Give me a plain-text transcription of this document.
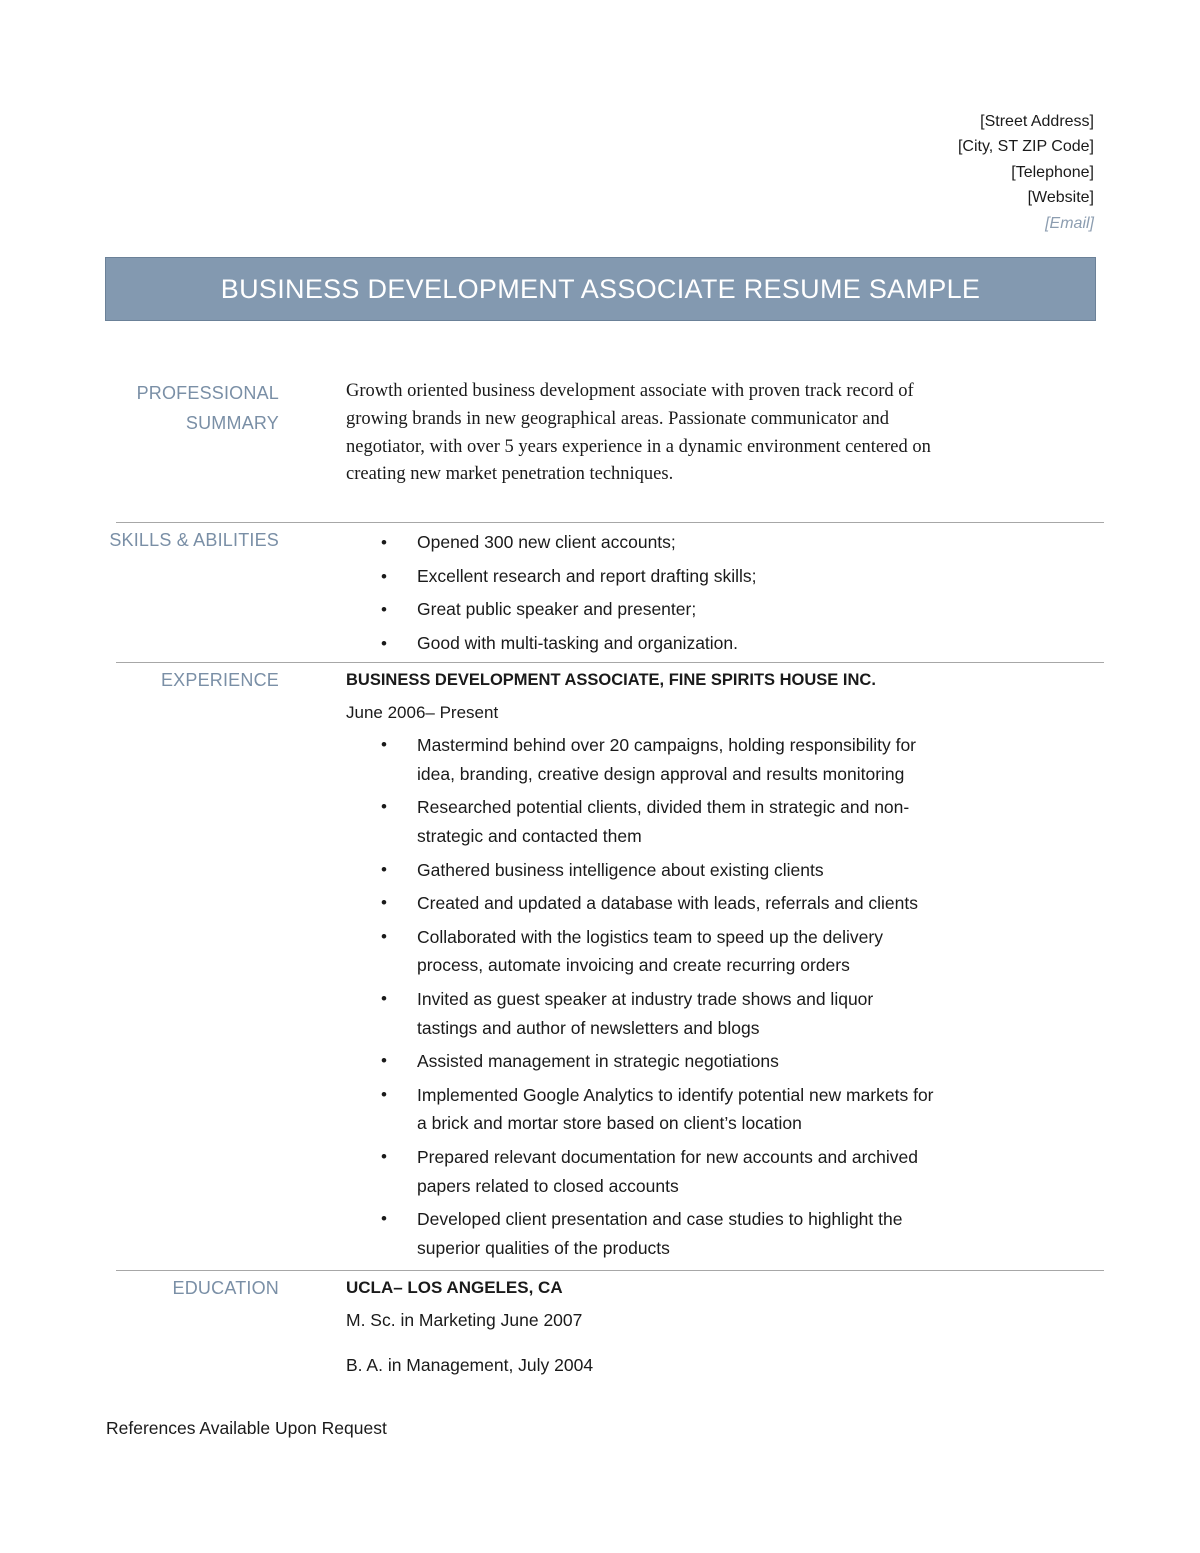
[Street Address]
[City, ST ZIP Code]
[Telephone]
[Website]
[Email]
BUSINESS DEVELOPMENT ASSOCIATE RESUME SAMPLE
PROFESSIONAL
SUMMARY
Growth oriented business development associate with proven track record of growing brands in new geographical areas. Passionate communicator and negotiator, with over 5 years experience in a dynamic environment centered on creating new market penetration techniques.
SKILLS & ABILITIES
•	Opened 300 new client accounts;
• Excellent research and report drafting skills;
• Great public speaker and presenter;
• Good with multi-tasking and organization.
EXPERIENCE	BUSINESS DEVELOPMENT ASSOCIATE, FINE SPIRITS HOUSE INC.
June 2006– Present
• Mastermind behind over 20 campaigns, holding responsibility for idea, branding, creative design approval and results monitoring
• Researched potential clients, divided them in strategic and non-strategic and contacted them
• Gathered business intelligence about existing clients
• Created and updated a database with leads, referrals and clients
• Collaborated with the logistics team to speed up the delivery process, automate invoicing and create recurring orders
• Invited as guest speaker at industry trade shows and liquor tastings and author of newsletters and blogs
• Assisted management in strategic negotiations
• Implemented Google Analytics to identify potential new markets for a brick and mortar store based on client’s location
• Prepared relevant documentation for new accounts and archived papers related to closed accounts
• Developed client presentation and case studies to highlight the superior qualities of the products
EDUCATION	UCLA– LOS ANGELES, CA
M. Sc. in Marketing June 2007
B. A. in Management, July 2004
References Available Upon Request
